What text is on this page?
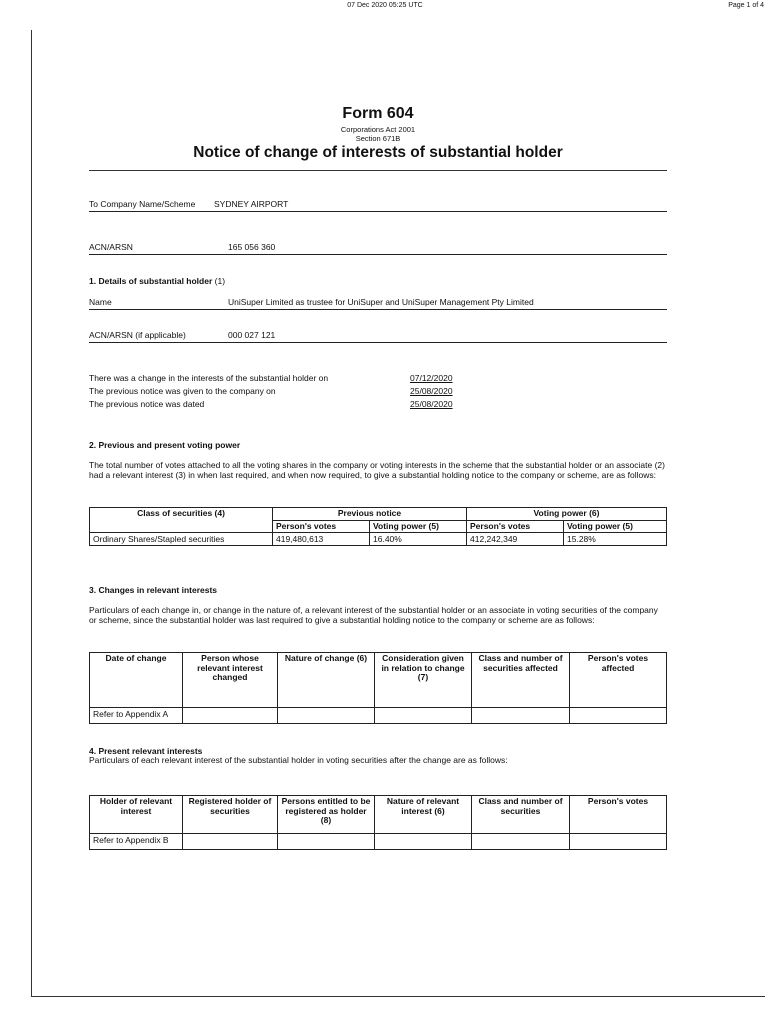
07 Dec 2020 05:25 UTC	Page 1 of 4
Form 604
Corporations Act 2001
Section 671B
Notice of change of interests of substantial holder
To Company Name/Scheme SYDNEY AIRPORT
ACN/ARSN	165 056 360
1. Details of substantial holder (1)
Name	UniSuper Limited as trustee for UniSuper and UniSuper Management Pty Limited
ACN/ARSN (if applicable)	000 027 121
There was a change in the interests of the substantial holder on	07/12/2020
The previous notice was given to the company on	25/08/2020
The previous notice was dated	25/08/2020
2. Previous and present voting power
The total number of votes attached to all the voting shares in the company or voting interests in the scheme that the substantial holder or an associate (2) had a relevant interest (3) in when last required, and when now required, to give a substantial holding notice to the company or scheme, are as follows:
Class of securities (4)	Previous notice		Voting power (6)	
	Person's votes	Voting power (5)	Person's votes	Voting power (5)
Ordinary Shares/Stapled securities	419,480,613	16.40%	412,242,349	15.28%
3. Changes in relevant interests
Particulars of each change in, or change in the nature of, a relevant interest of the substantial holder or an associate in voting securities of the company or scheme, since the substantial holder was last required to give a substantial holding notice to the company or scheme are as follows:
Date of change	Person whose relevant interest changed	Nature of change (6)	Consideration given in relation to change (7)	Class and number of securities affected	Person's votes affected
Refer to Appendix A					
4. Present relevant interests
Particulars of each relevant interest of the substantial holder in voting securities after the change are as follows:
Holder of relevant interest	Registered holder of securities	Persons entitled to be registered as holder (8)	Nature of relevant interest (6)	Class and number of securities	Person's votes
Refer to Appendix B					
